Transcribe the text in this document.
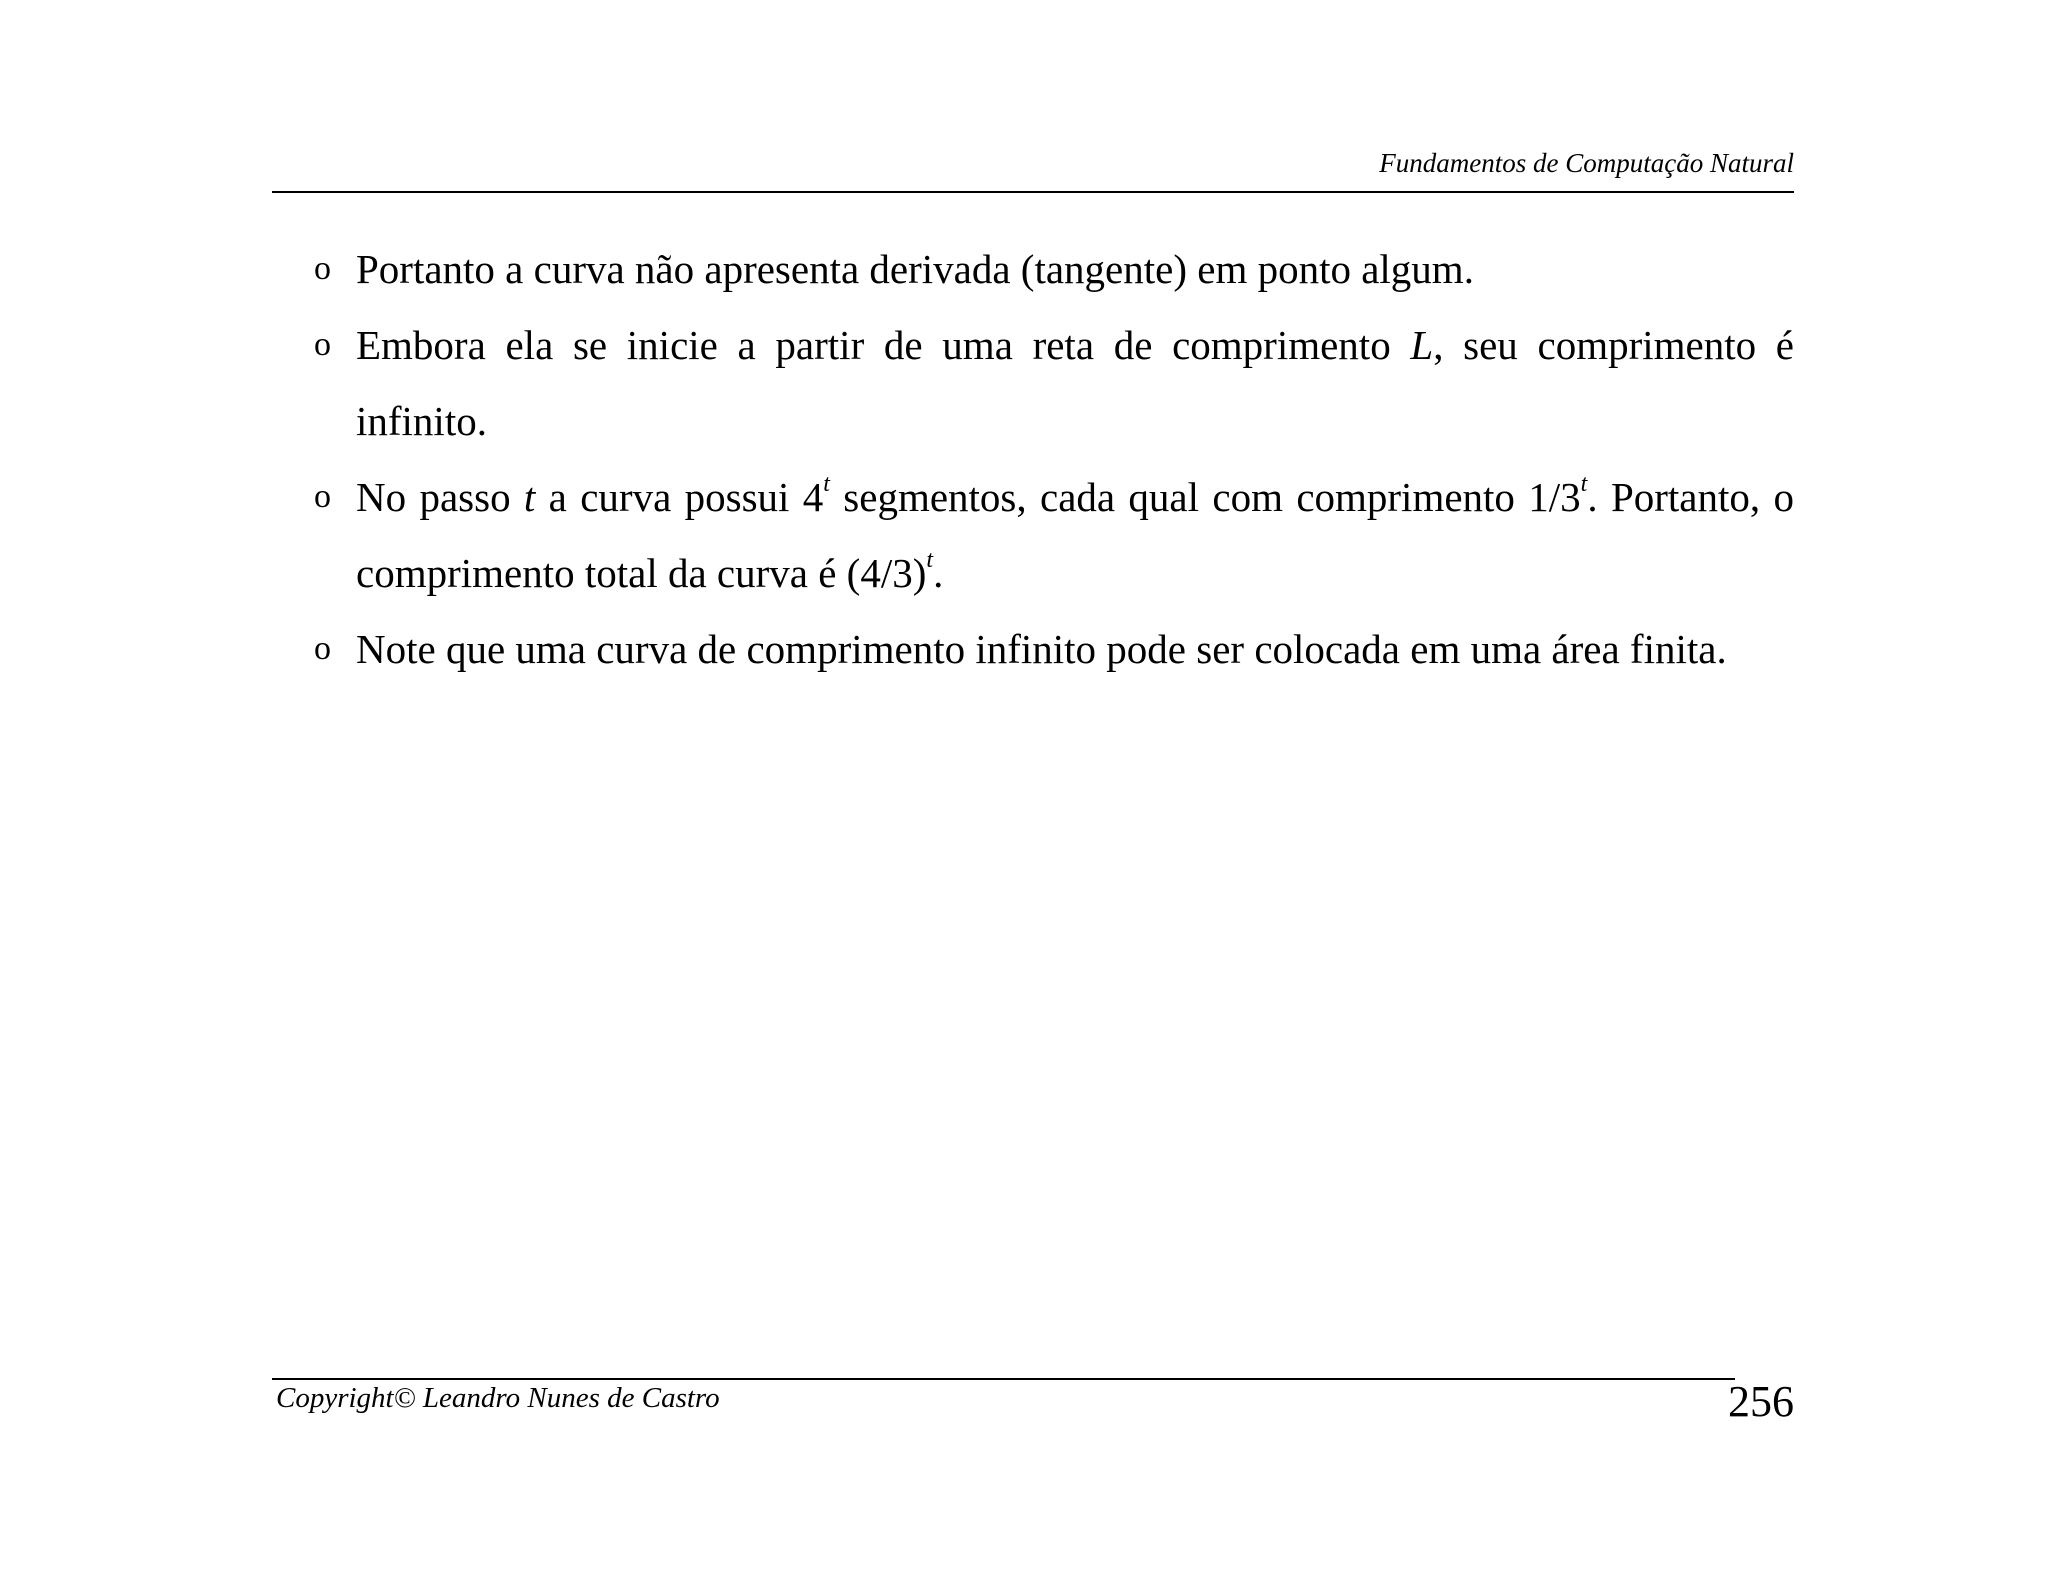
Fundamentos de Computação Natural
o Portanto a curva não apresenta derivada (tangente) em ponto algum.
o Embora ela se inicie a partir de uma reta de comprimento L, seu comprimento é infinito.
o No passo t a curva possui 4$^t$ segmentos, cada qual com comprimento 1/3$^t$. Portanto, o comprimento total da curva é $(4/3)^t$.
o Note que uma curva de comprimento infinito pode ser colocada em uma área finita.
Copyright© Leandro Nunes de Castro	256
